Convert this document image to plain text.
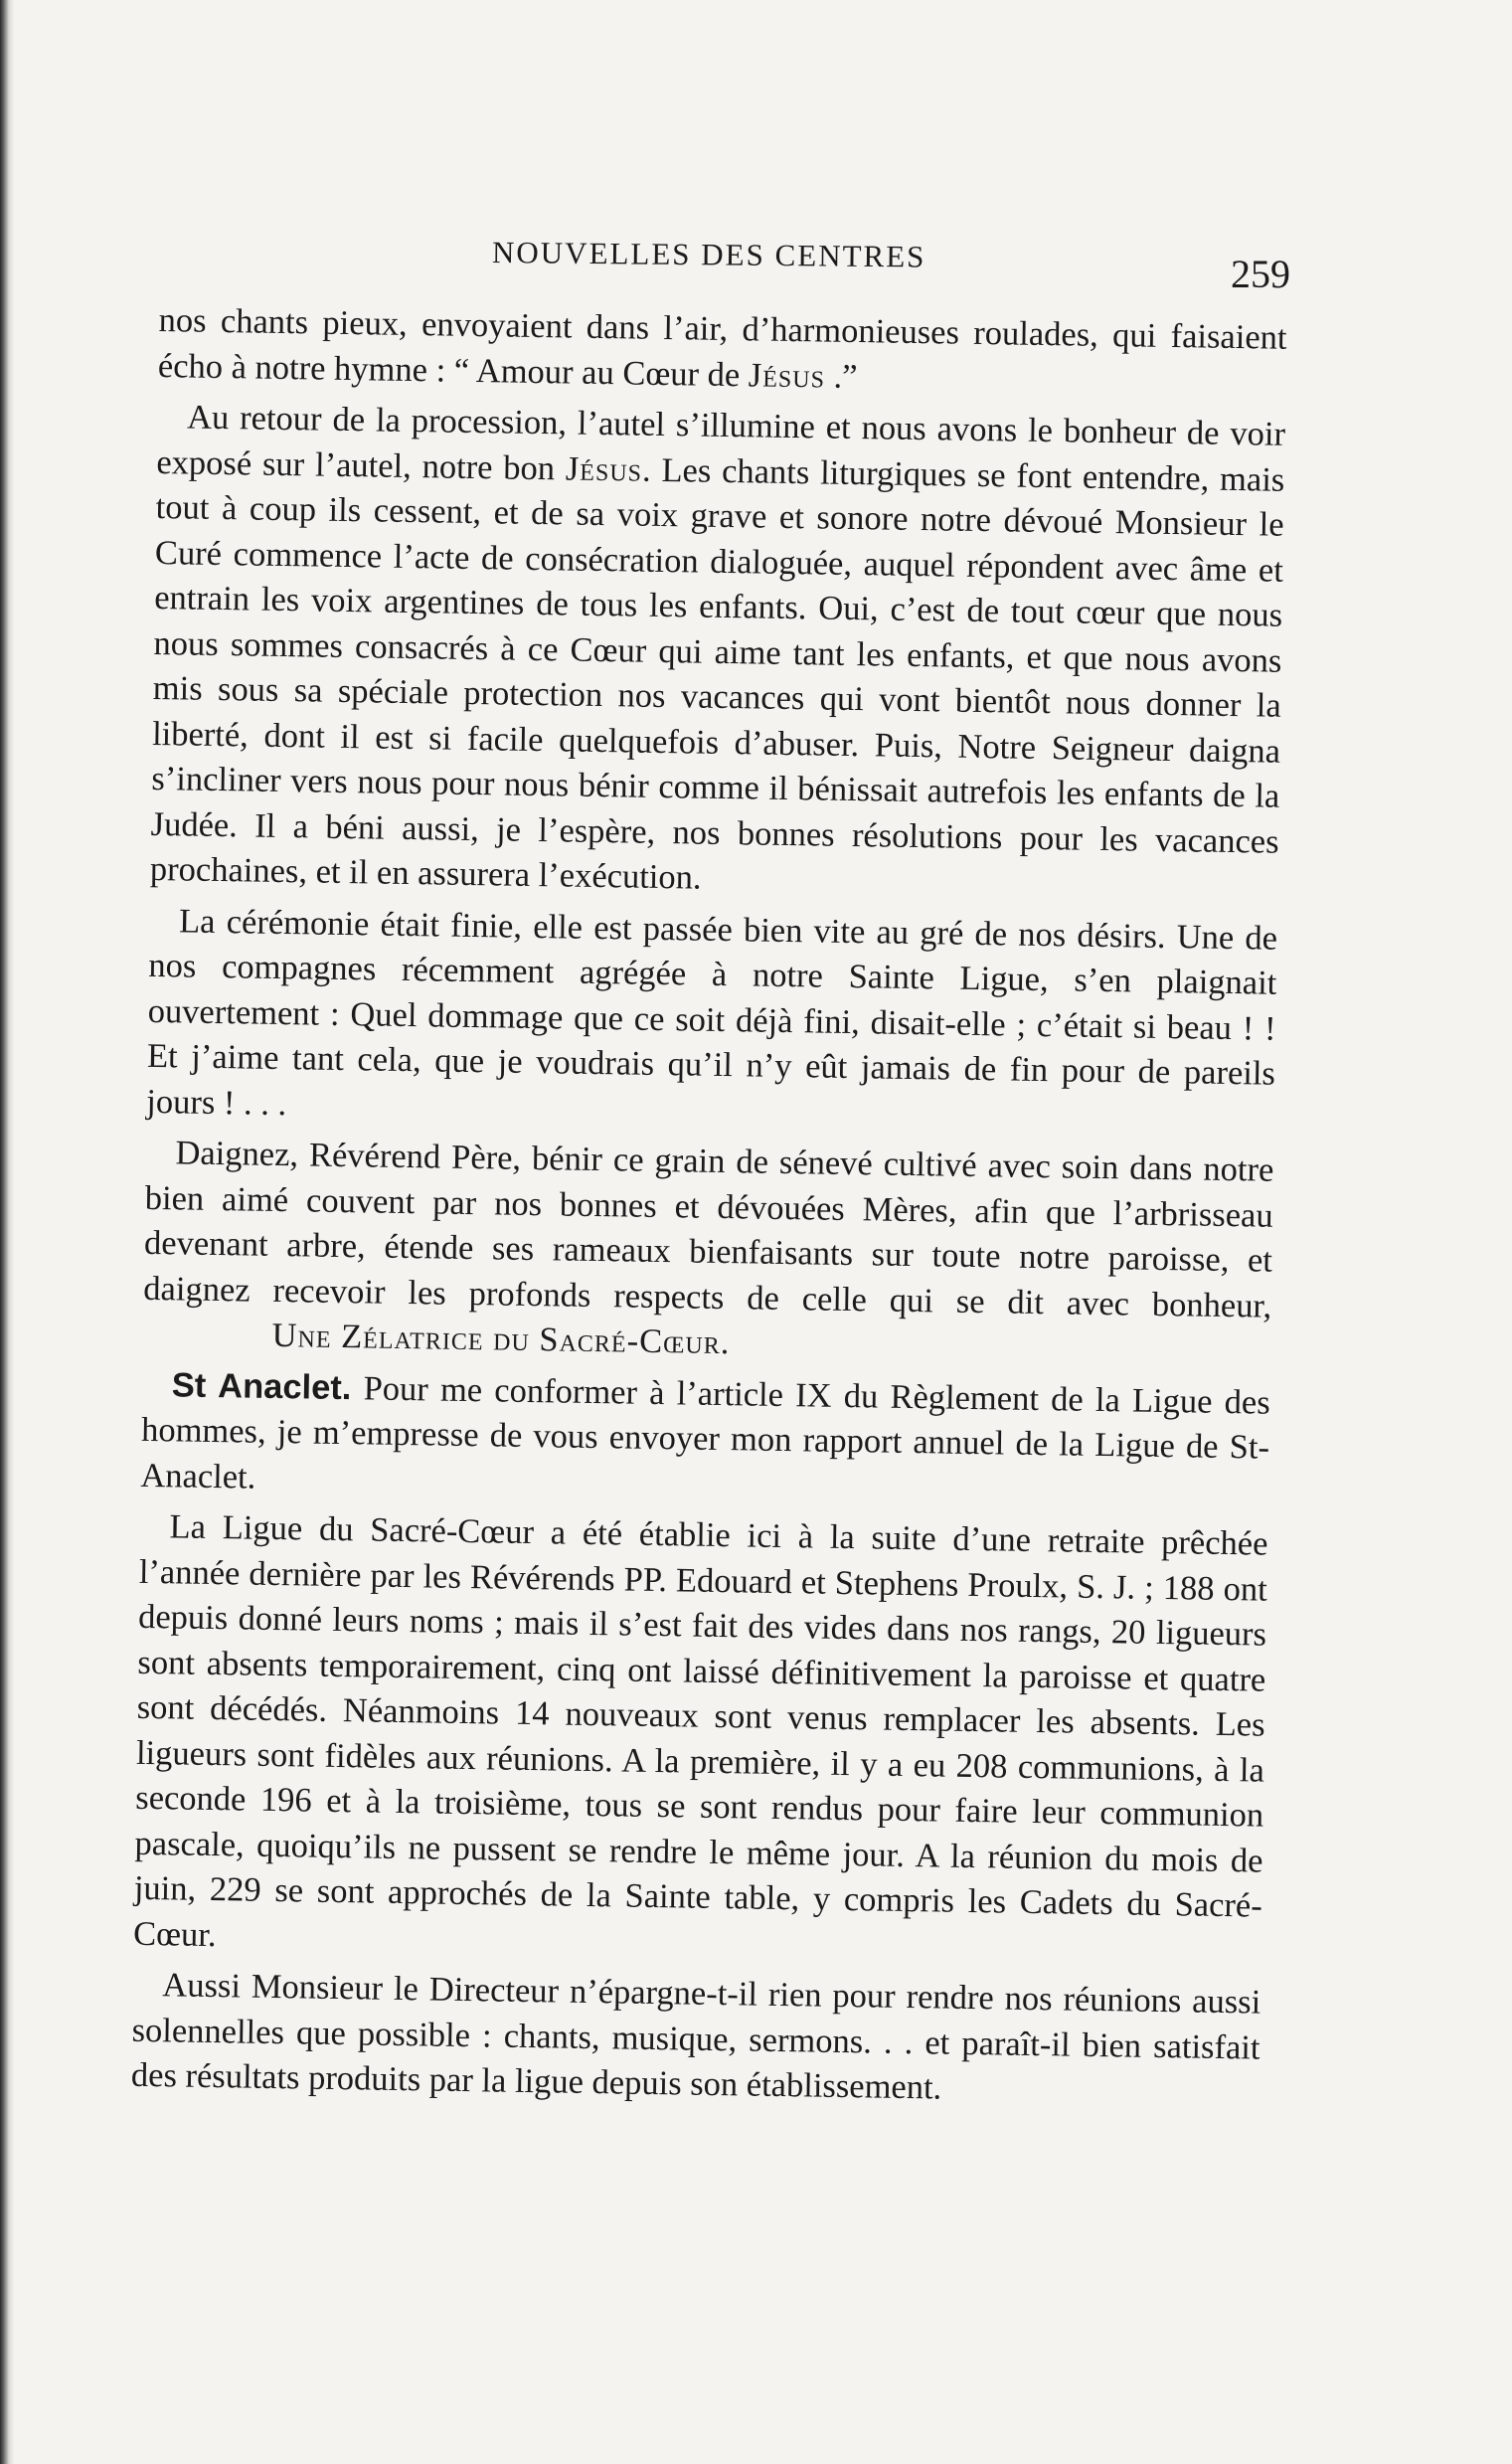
NOUVELLES DES CENTRES	259

nos chants pieux, envoyaient dans l’air, d’harmonieuses roulades, qui faisaient écho à notre hymne : “ Amour au Cœur de Jésus .”

Au retour de la procession, l’autel s’illumine et nous avons le bonheur de voir exposé sur l’autel, notre bon Jésus. Les chants liturgiques se font entendre, mais tout à coup ils cessent, et de sa voix grave et sonore notre dévoué Monsieur le Curé commence l’acte de consécration dialoguée, auquel répondent avec âme et entrain les voix argentines de tous les enfants. Oui, c’est de tout cœur que nous nous sommes consacrés à ce Cœur qui aime tant les enfants, et que nous avons mis sous sa spéciale protection nos vacances qui vont bientôt nous donner la liberté, dont il est si facile quelquefois d’abuser. Puis, Notre Seigneur daigna s’incliner vers nous pour nous bénir comme il bénissait autrefois les enfants de la Judée. Il a béni aussi, je l’espère, nos bonnes résolutions pour les vacances prochaines, et il en assurera l’exécution.

La cérémonie était finie, elle est passée bien vite au gré de nos désirs. Une de nos compagnes récemment agrégée à notre Sainte Ligue, s’en plaignait ouvertement : Quel dommage que ce soit déjà fini, disait-elle ; c’était si beau ! ! Et j’aime tant cela, que je voudrais qu’il n’y eût jamais de fin pour de pareils jours ! . . .

Daignez, Révérend Père, bénir ce grain de sénevé cultivé avec soin dans notre bien aimé couvent par nos bonnes et dévouées Mères, afin que l’arbrisseau devenant arbre, étende ses rameaux bienfaisants sur toute notre paroisse, et daignez recevoir les profonds respects de celle qui se dit avec bonheur,Une Zélatrice du Sacré-Cœur.

St Anaclet. Pour me conformer à l’article IX du Règlement de la Ligue des hommes, je m’empresse de vous envoyer mon rapport annuel de la Ligue de St-Anaclet.

La Ligue du Sacré-Cœur a été établie ici à la suite d’une retraite prêchée l’année dernière par les Révérends PP. Edouard et Stephens Proulx, S. J. ; 188 ont depuis donné leurs noms ; mais il s’est fait des vides dans nos rangs, 20 ligueurs sont absents temporairement, cinq ont laissé définitivement la paroisse et quatre sont décédés. Néanmoins 14 nouveaux sont venus remplacer les absents. Les ligueurs sont fidèles aux réunions. A la première, il y a eu 208 communions, à la seconde 196 et à la troisième, tous se sont rendus pour faire leur communion pascale, quoiqu’ils ne pussent se rendre le même jour. A la réunion du mois de juin, 229 se sont approchés de la Sainte table, y compris les Cadets du Sacré-Cœur.

Aussi Monsieur le Directeur n’épargne-t-il rien pour rendre nos réunions aussi solennelles que possible : chants, musique, sermons. . . et paraît-il bien satisfait des résultats produits par la ligue depuis son établissement.
